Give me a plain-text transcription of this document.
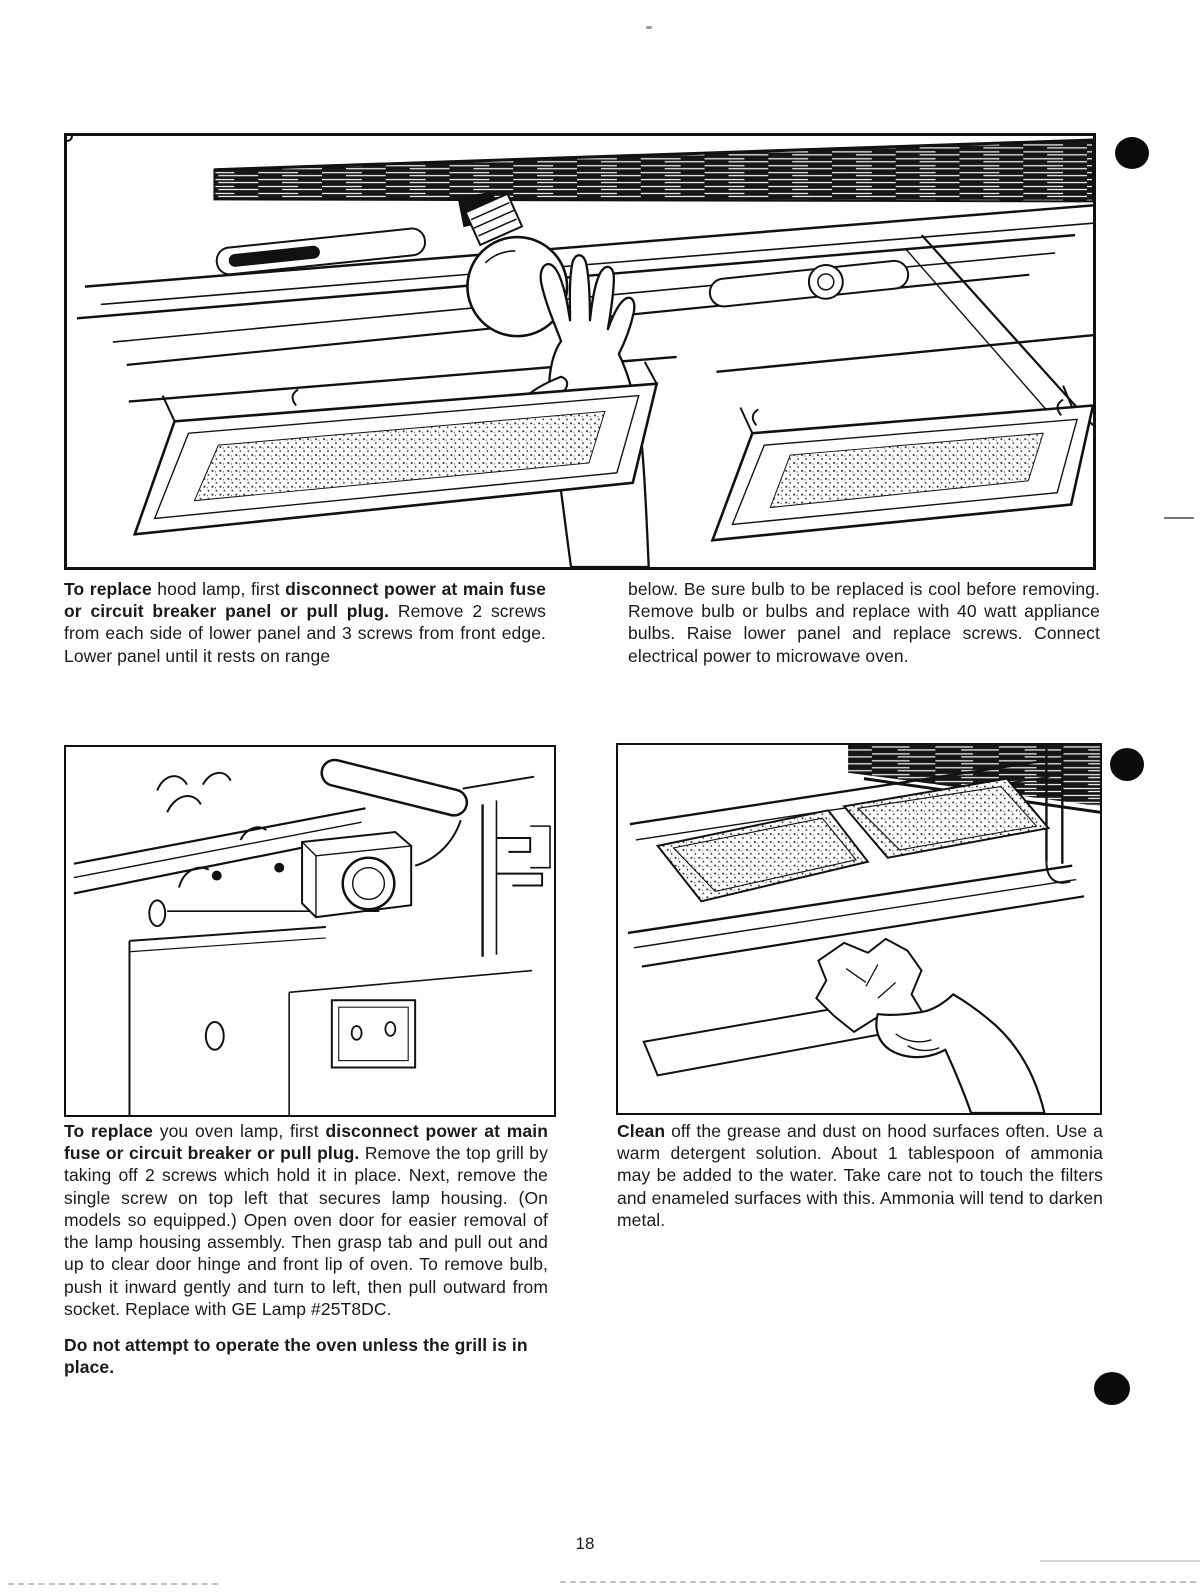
To replace hood lamp, first disconnect power at main fuse or circuit breaker panel or pull plug. Remove 2 screws from each side of lower panel and 3 screws from front edge. Lower panel until it rests on range

below. Be sure bulb to be replaced is cool before removing. Remove bulb or bulbs and replace with 40 watt appliance bulbs. Raise lower panel and replace screws. Connect electrical power to microwave oven.

To replace you oven lamp, first disconnect power at main fuse or circuit breaker or pull plug. Remove the top grill by taking off 2 screws which hold it in place. Next, remove the single screw on top left that secures lamp housing. (On models so equipped.) Open oven door for easier removal of the lamp housing assembly. Then grasp tab and pull out and up to clear door hinge and front lip of oven. To remove bulb, push it inward gently and turn to left, then pull outward from socket. Replace with GE Lamp #25T8DC.

Do not attempt to operate the oven unless the grill is in place.

Clean off the grease and dust on hood surfaces often. Use a warm detergent solution. About 1 tablespoon of ammonia may be added to the water. Take care not to touch the filters and enameled surfaces with this. Ammonia will tend to darken metal.

18
